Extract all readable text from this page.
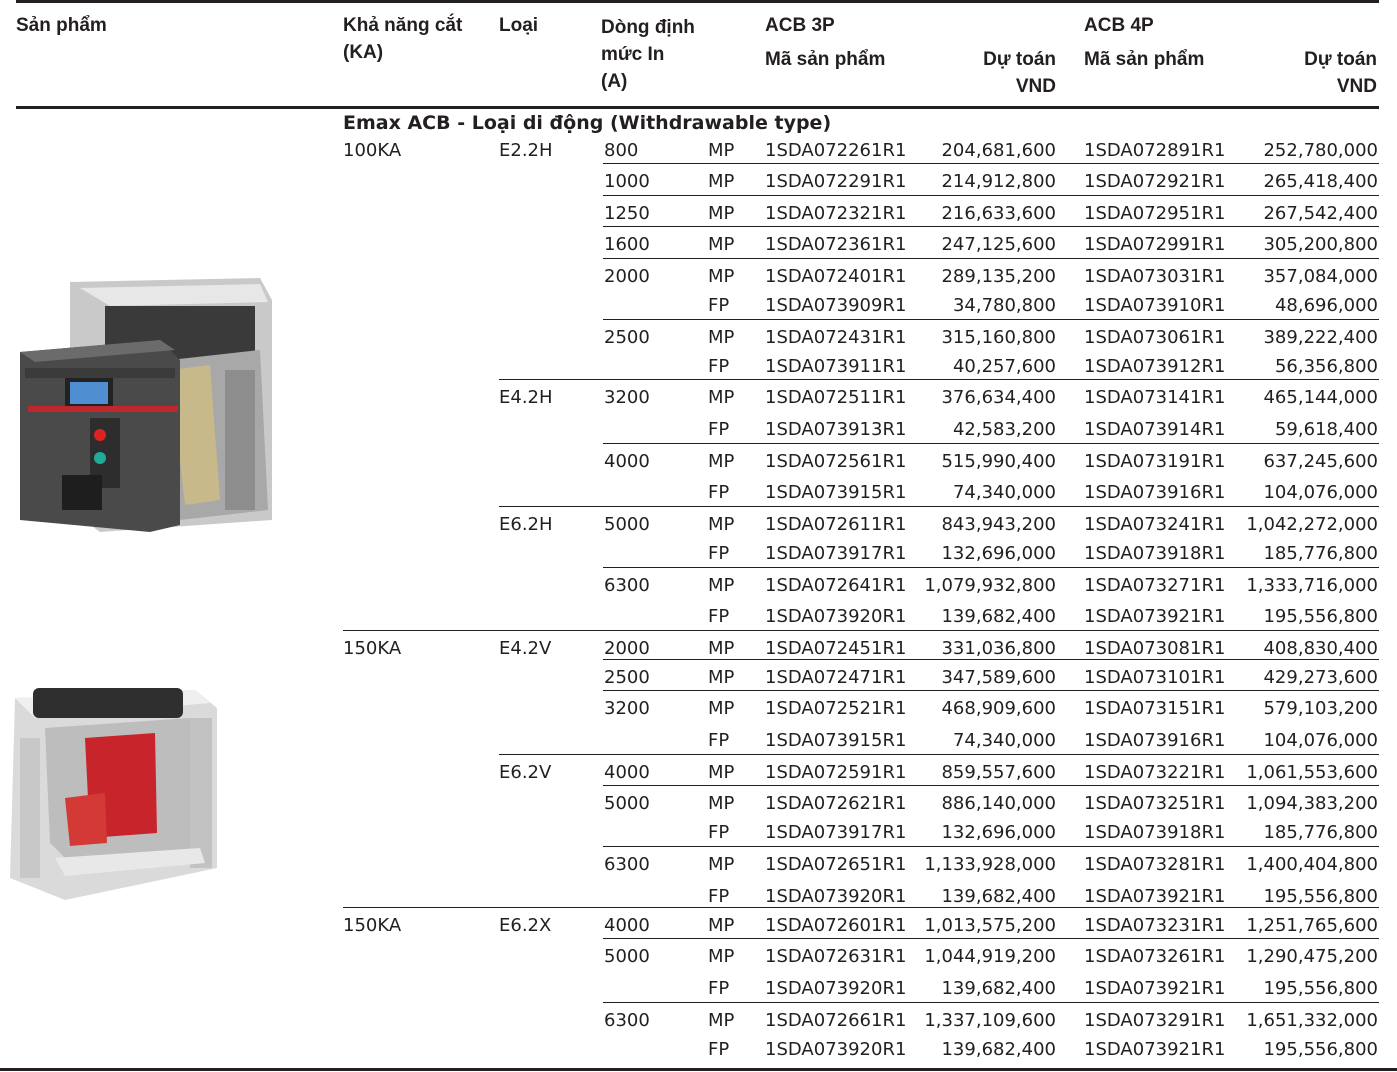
Sản phẩm	Khả năng cắt
(KA)
Loại	Dòng định
mức In
(A)
ACB 3P
Mã sản phẩm	Dự toán
VND
ACB 4P
Mã sản phẩm	Dự toán
VND
Emax ACB - Loại di động (Withdrawable type)
100KA	E2.2H	800	MP 1SDA072261R1	204,681,600 1SDA072891R1	252,780,000
1000	MP 1SDA072291R1	214,912,800 1SDA072921R1	265,418,400
1250	MP 1SDA072321R1	216,633,600 1SDA072951R1	267,542,400
1600	MP 1SDA072361R1	247,125,600 1SDA072991R1	305,200,800
2000	MP 1SDA072401R1	289,135,200 1SDA073031R1	357,084,000
FP 1SDA073909R1	34,780,800 1SDA073910R1	48,696,000
2500	MP 1SDA072431R1	315,160,800 1SDA073061R1	389,222,400
FP 1SDA073911R1	40,257,600 1SDA073912R1	56,356,800
E4.2H	3200	MP 1SDA072511R1	376,634,400 1SDA073141R1	465,144,000
FP 1SDA073913R1	42,583,200 1SDA073914R1	59,618,400
4000	MP 1SDA072561R1	515,990,400 1SDA073191R1	637,245,600
FP 1SDA073915R1	74,340,000 1SDA073916R1	104,076,000
E6.2H	5000	MP 1SDA072611R1	843,943,200 1SDA073241R1	1,042,272,000
FP 1SDA073917R1	132,696,000 1SDA073918R1	185,776,800
6300	MP 1SDA072641R1 1,079,932,800 1SDA073271R1	1,333,716,000
FP 1SDA073920R1	139,682,400 1SDA073921R1	195,556,800
150KA	E4.2V	2000	MP 1SDA072451R1	331,036,800 1SDA073081R1	408,830,400
2500	MP 1SDA072471R1	347,589,600 1SDA073101R1	429,273,600
3200	MP 1SDA072521R1	468,909,600 1SDA073151R1	579,103,200
FP 1SDA073915R1	74,340,000 1SDA073916R1	104,076,000
E6.2V	4000	MP 1SDA072591R1	859,557,600 1SDA073221R1	1,061,553,600
5000	MP 1SDA072621R1	886,140,000 1SDA073251R1	1,094,383,200
FP 1SDA073917R1	132,696,000 1SDA073918R1	185,776,800
6300	MP 1SDA072651R1 1,133,928,000 1SDA073281R1	1,400,404,800
FP 1SDA073920R1	139,682,400 1SDA073921R1	195,556,800
150KA	E6.2X	4000	MP 1SDA072601R1 1,013,575,200 1SDA073231R1	1,251,765,600
5000	MP 1SDA072631R1 1,044,919,200 1SDA073261R1	1,290,475,200
FP 1SDA073920R1	139,682,400 1SDA073921R1	195,556,800
6300	MP 1SDA072661R1 1,337,109,600 1SDA073291R1	1,651,332,000
FP 1SDA073920R1	139,682,400 1SDA073921R1	195,556,800
